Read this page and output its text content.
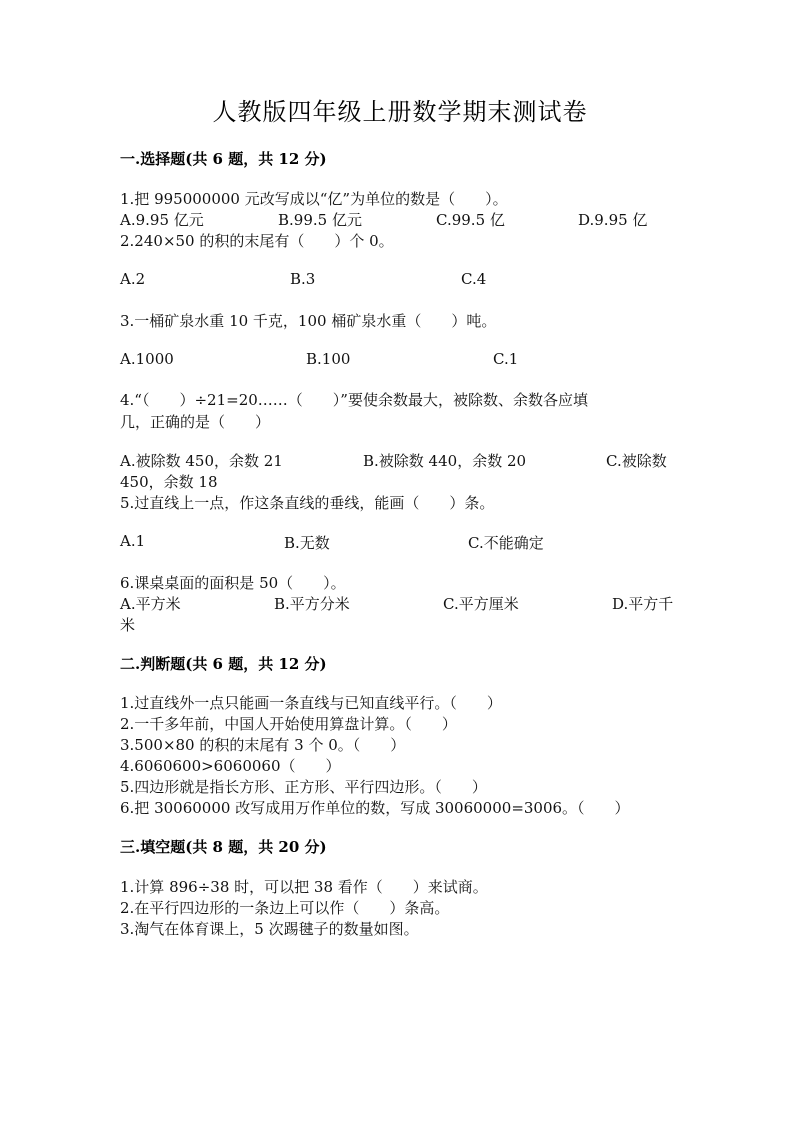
人教版四年级上册数学期末测试卷
一.选择题(共 6 题，共 12 分)
1.把 995000000 元改写成以“亿”为单位的数是（　　）。
A.9.95 亿元	B.99.5 亿元	C.99.5 亿	D.9.95 亿
2.240×50 的积的末尾有（　　）个 0。
A.2	B.3	C.4
3.一桶矿泉水重 10 千克，100 桶矿泉水重（　　）吨。
A.1000	B.100	C.1
4.“（　　）÷21=20……（　　）”要使余数最大，被除数、余数各应填
几，正确的是（　　）
A.被除数 450，余数 21	B.被除数 440，余数 20	C.被除数
450，余数 18
5.过直线上一点，作这条直线的垂线，能画（　　）条。
A.1	B.无数	C.不能确定
6.课桌桌面的面积是 50（　　）。
A.平方米	B.平方分米	C.平方厘米	D.平方千
米
二.判断题(共 6 题，共 12 分)
1.过直线外一点只能画一条直线与已知直线平行。（　　）
2.一千多年前，中国人开始使用算盘计算。（　　）
3.500×80 的积的末尾有 3 个 0。（　　）
4.6060600>6060060（　　）
5.四边形就是指长方形、正方形、平行四边形。（　　）
6.把 30060000 改写成用万作单位的数，写成 30060000=3006。（　　）
三.填空题(共 8 题，共 20 分)
1.计算 896÷38 时，可以把 38 看作（　　）来试商。
2.在平行四边形的一条边上可以作（　　）条高。
3.淘气在体育课上，5 次踢毽子的数量如图。
